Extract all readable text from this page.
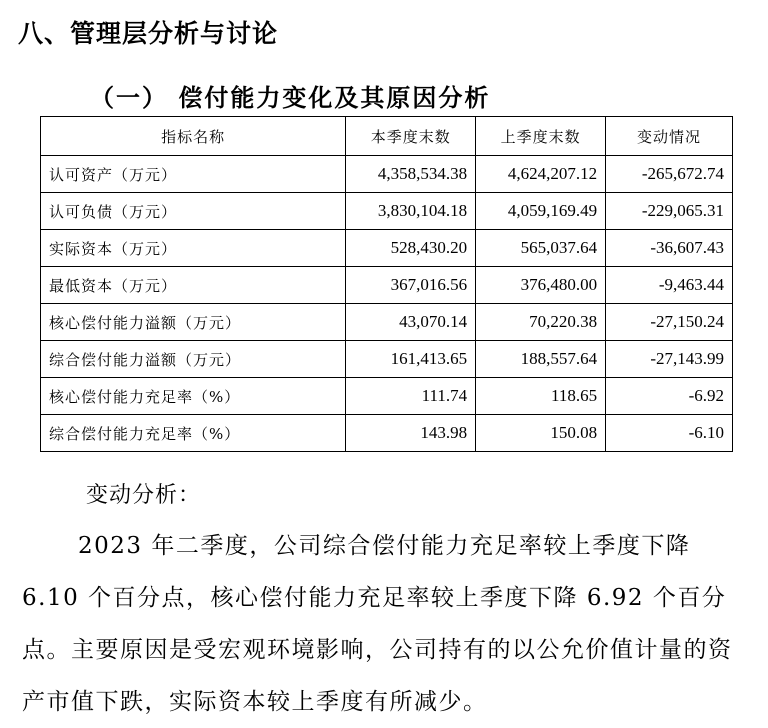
八、管理层分析与讨论
（一） 偿付能力变化及其原因分析
指标名称	本季度末数	上季度末数	变动情况
认可资产（万元）	4,358,534.38	4,624,207.12	-265,672.74
认可负债（万元）	3,830,104.18	4,059,169.49	-229,065.31
实际资本（万元）	528,430.20	565,037.64	-36,607.43
最低资本（万元）	367,016.56	376,480.00	-9,463.44
核心偿付能力溢额（万元）	43,070.14	70,220.38	-27,150.24
综合偿付能力溢额（万元）	161,413.65	188,557.64	-27,143.99
核心偿付能力充足率（%）	111.74	118.65	-6.92
综合偿付能力充足率（%）	143.98	150.08	-6.10
变动分析：
2023 年二季度，公司综合偿付能力充足率较上季度下降 6.10 个百分点，核心偿付能力充足率较上季度下降 6.92 个百分点。主要原因是受宏观环境影响，公司持有的以公允价值计量的资产市值下跌，实际资本较上季度有所减少。
